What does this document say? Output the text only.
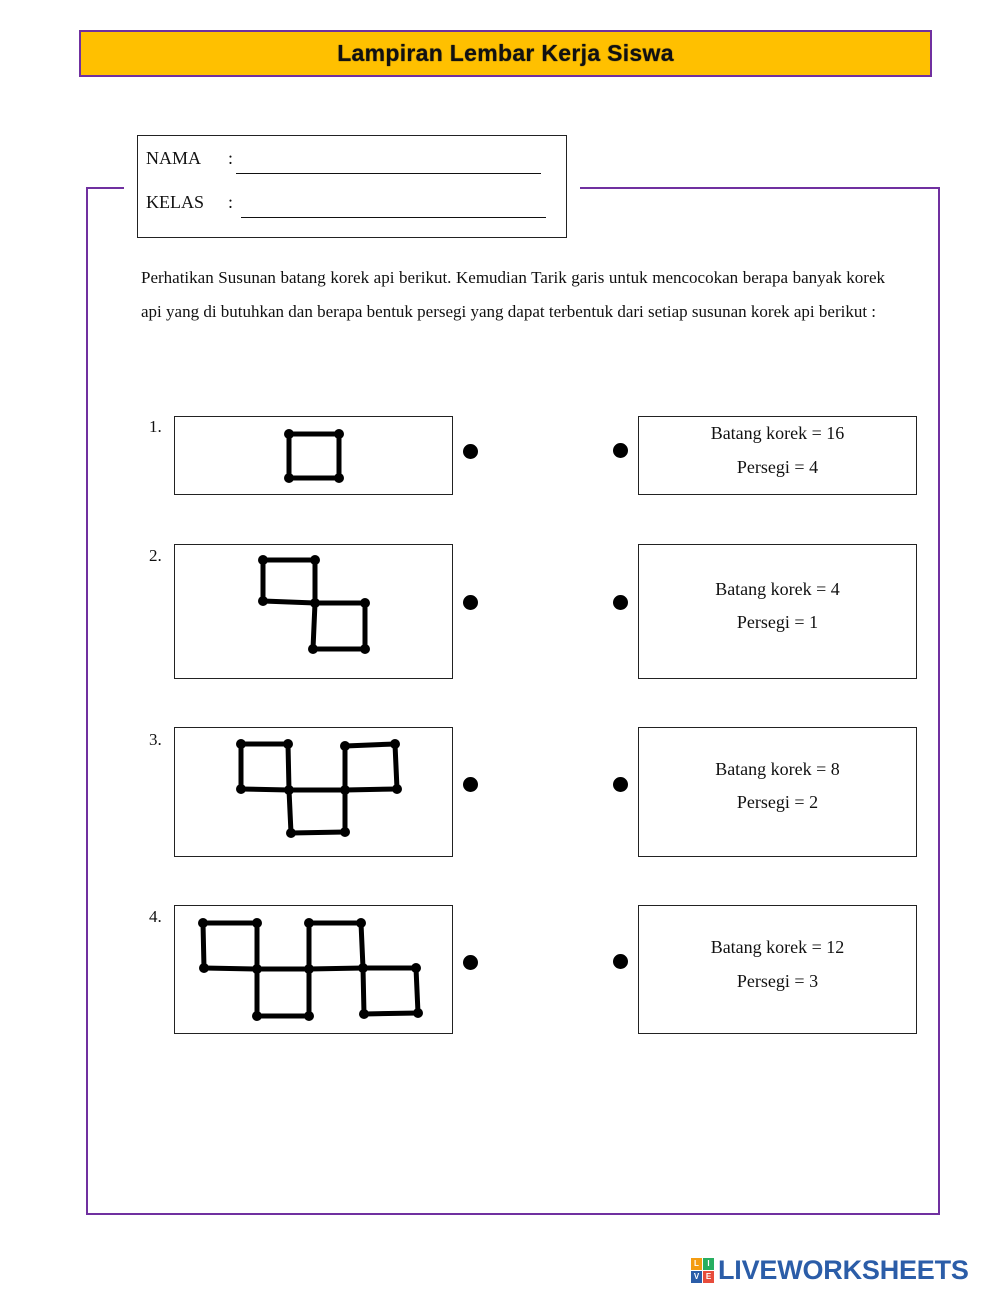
Lampiran Lembar Kerja Siswa
NAMA	:
KELAS	:
Perhatikan Susunan batang korek api berikut. Kemudian Tarik garis untuk mencocokan berapa banyak korek api yang di butuhkan dan berapa bentuk persegi yang dapat terbentuk dari setiap susunan korek api berikut :
1.	Batang korek = 16
Persegi = 4
2.
Batang korek = 4
Persegi = 1
3.
Batang korek = 8
Persegi = 2
4.
Batang korek = 12
Persegi = 3
L	I
V E LIVEWORKSHEETS
